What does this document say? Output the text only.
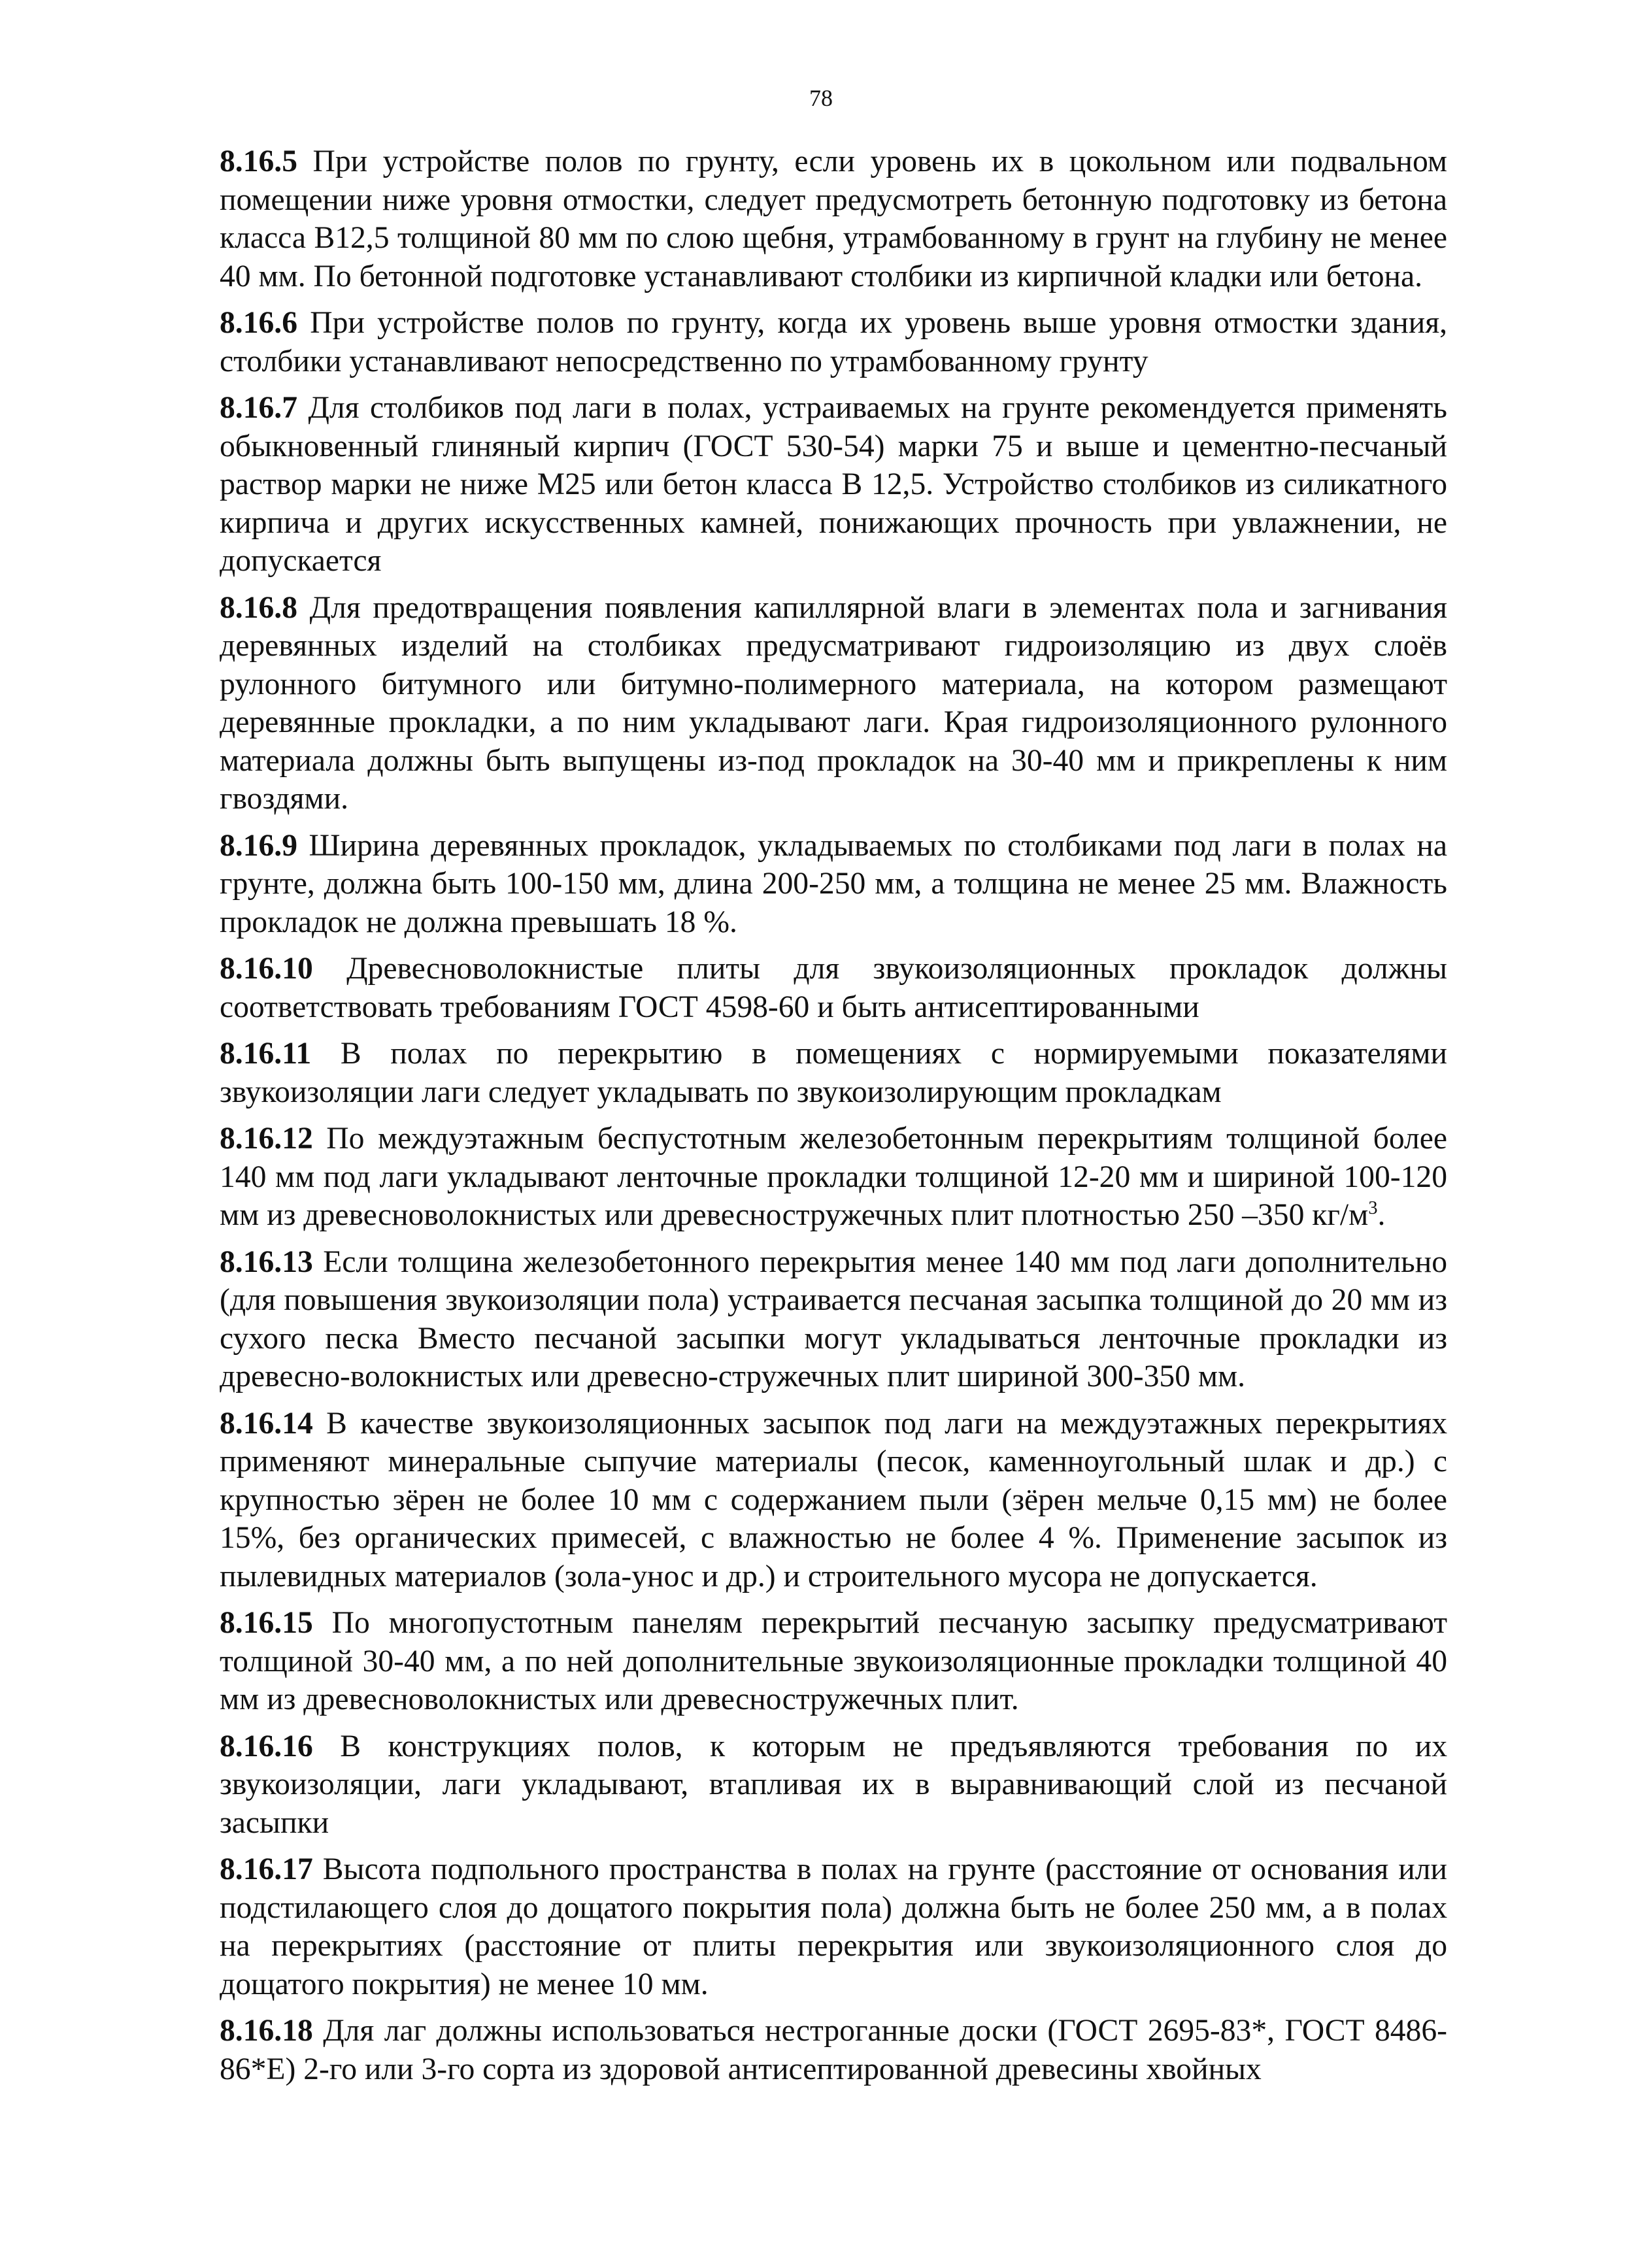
78

8.16.5 При устройстве полов по грунту, если уровень их в цокольном или подвальном помещении ниже уровня отмостки, следует предусмотреть бетонную подготовку из бетона класса B12,5 толщиной 80 мм по слою щебня, утрамбованному в грунт на глубину не менее 40 мм. По бетонной подготовке устанавливают столбики из кирпичной кладки или бетона.

8.16.6 При устройстве полов по грунту, когда их уровень выше уровня отмостки здания, столбики устанавливают непосредственно по утрамбованному грунту

8.16.7 Для столбиков под лаги в полах, устраиваемых на грунте рекомендуется применять обыкновенный глиняный кирпич (ГОСТ 530-54) марки 75 и выше и цементно-песчаный раствор марки не ниже M25 или бетон класса B 12,5. Устройство столбиков из силикатного кирпича и других искусственных камней, понижающих прочность при увлажнении, не допускается

8.16.8 Для предотвращения появления капиллярной влаги в элементах пола и загнивания деревянных изделий на столбиках предусматривают гидроизоляцию из двух слоёв рулонного битумного или битумно-полимерного материала, на котором размещают деревянные прокладки, а по ним укладывают лаги. Края гидроизоляционного рулонного материала должны быть выпущены из-под прокладок на 30-40 мм и прикреплены к ним гвоздями.

8.16.9 Ширина деревянных прокладок, укладываемых по столбиками под лаги в полах на грунте, должна быть 100-150 мм, длина 200-250 мм, а толщина не менее 25 мм. Влажность прокладок не должна превышать 18 %.

8.16.10 Древесноволокнистые плиты для звукоизоляционных прокладок должны соответствовать требованиям ГОСТ 4598-60 и быть антисептированными

8.16.11 В полах по перекрытию в помещениях с нормируемыми показателями звукоизоляции лаги следует укладывать по звукоизолирующим прокладкам

8.16.12 По междуэтажным беспустотным железобетонным перекрытиям толщиной более 140 мм под лаги укладывают ленточные прокладки толщиной 12-20 мм и шириной 100-120 мм из древесноволокнистых или древесностружечных плит плотностью 250 –350 $кг/м^3$.

8.16.13 Если толщина железобетонного перекрытия менее 140 мм под лаги дополнительно (для повышения звукоизоляции пола) устраивается песчаная засыпка толщиной до 20 мм из сухого песка Вместо песчаной засыпки могут укладываться ленточные прокладки из древесно-волокнистых или древесно-стружечных плит шириной 300-350 мм.

8.16.14 В качестве звукоизоляционных засыпок под лаги на междуэтажных перекрытиях применяют минеральные сыпучие материалы (песок, каменноугольный шлак и др.) с крупностью зёрен не более 10 мм с содержанием пыли (зёрен мельче 0,15 мм) не более 15%, без органических примесей, с влажностью не более 4 %. Применение засыпок из пылевидных материалов (зола-унос и др.) и строительного мусора не допускается.

8.16.15 По многопустотным панелям перекрытий песчаную засыпку предусматривают толщиной 30-40 мм, а по ней дополнительные звукоизоляционные прокладки толщиной 40 мм из древесноволокнистых или древесностружечных плит.

8.16.16 В конструкциях полов, к которым не предъявляются требования по их звукоизоляции, лаги укладывают, втапливая их в выравнивающий слой из песчаной засыпки

8.16.17 Высота подпольного пространства в полах на грунте (расстояние от основания или подстилающего слоя до дощатого покрытия пола) должна быть не более 250 мм, а в полах на перекрытиях (расстояние от плиты перекрытия или звукоизоляционного слоя до дощатого покрытия) не менее 10 мм.

8.16.18 Для лаг должны использоваться нестроганные доски (ГОСТ 2695-83*, ГОСТ 8486-86*Е) 2-го или 3-го сорта из здоровой антисептированной древесины хвойных
